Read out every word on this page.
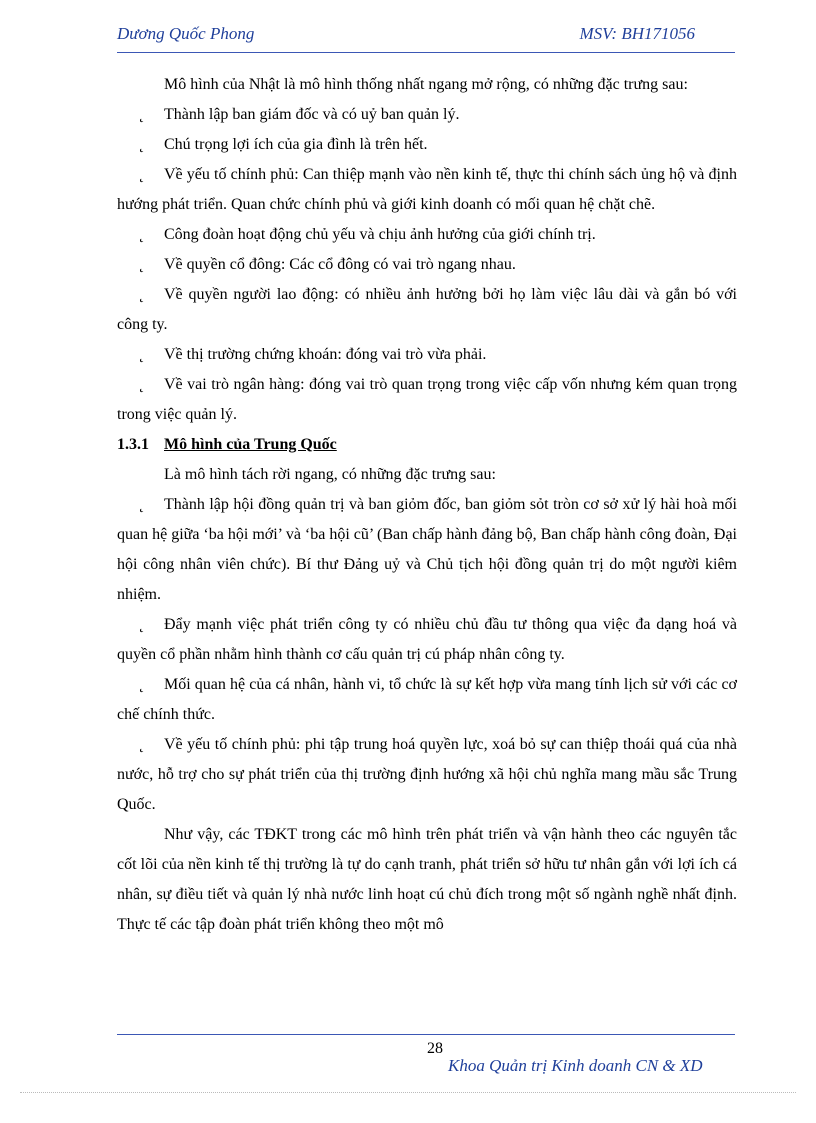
Dương Quốc Phong	MSV: BH171056

Mô hình của Nhật là mô hình thống nhất ngang mở rộng, có những đặc trưng sau:

˛ Thành lập ban giám đốc và có uỷ ban quản lý.

˛ Chú trọng lợi ích của gia đình là trên hết.

˛ Về yếu tố chính phủ: Can thiệp mạnh vào nền kinh tế, thực thi chính sách ủng hộ và định hướng phát triển. Quan chức chính phủ và giới kinh doanh có mối quan hệ chặt chẽ.

˛ Công đoàn hoạt động chủ yếu và chịu ảnh hưởng của giới chính trị.

˛ Về quyền cổ đông: Các cổ đông có vai trò ngang nhau.

˛ Về quyền người lao động: có nhiều ảnh hưởng bởi họ làm việc lâu dài và gắn bó với công ty.

˛ Về thị trường chứng khoán: đóng vai trò vừa phải.

˛ Về vai trò ngân hàng: đóng vai trò quan trọng trong việc cấp vốn nhưng kém quan trọng trong việc quản lý.

1.3.1 Mô hình của Trung Quốc

Là mô hình tách rời ngang, có những đặc trưng sau:

˛ Thành lập hội đồng quản trị và ban giỏm đốc, ban giỏm sỏt tròn cơ sở xử lý hài hoà mối quan hệ giữa ‘ba hội mới’ và ‘ba hội cũ’ (Ban chấp hành đảng bộ, Ban chấp hành công đoàn, Đại hội công nhân viên chức). Bí thư Đảng uỷ và Chủ tịch hội đồng quản trị do một người kiêm nhiệm.

˛ Đẩy mạnh việc phát triển công ty có nhiều chủ đầu tư thông qua việc đa dạng hoá và quyền cổ phần nhằm hình thành cơ cấu quản trị cú pháp nhân công ty.

˛ Mối quan hệ của cá nhân, hành vi, tổ chức là sự kết hợp vừa mang tính lịch sử với các cơ chế chính thức.

˛ Về yếu tố chính phủ: phi tập trung hoá quyền lực, xoá bỏ sự can thiệp thoái quá của nhà nước, hỗ trợ cho sự phát triển của thị trường định hướng xã hội chủ nghĩa mang mầu sắc Trung Quốc.

Như vậy, các TĐKT trong các mô hình trên phát triển và vận hành theo các nguyên tắc cốt lõi của nền kinh tế thị trường là tự do cạnh tranh, phát triển sở hữu tư nhân gắn với lợi ích cá nhân, sự điều tiết và quản lý nhà nước linh hoạt cú chủ đích trong một số ngành nghề nhất định. Thực tế các tập đoàn phát triển không theo một mô

28
Khoa Quản trị Kinh doanh CN & XD
